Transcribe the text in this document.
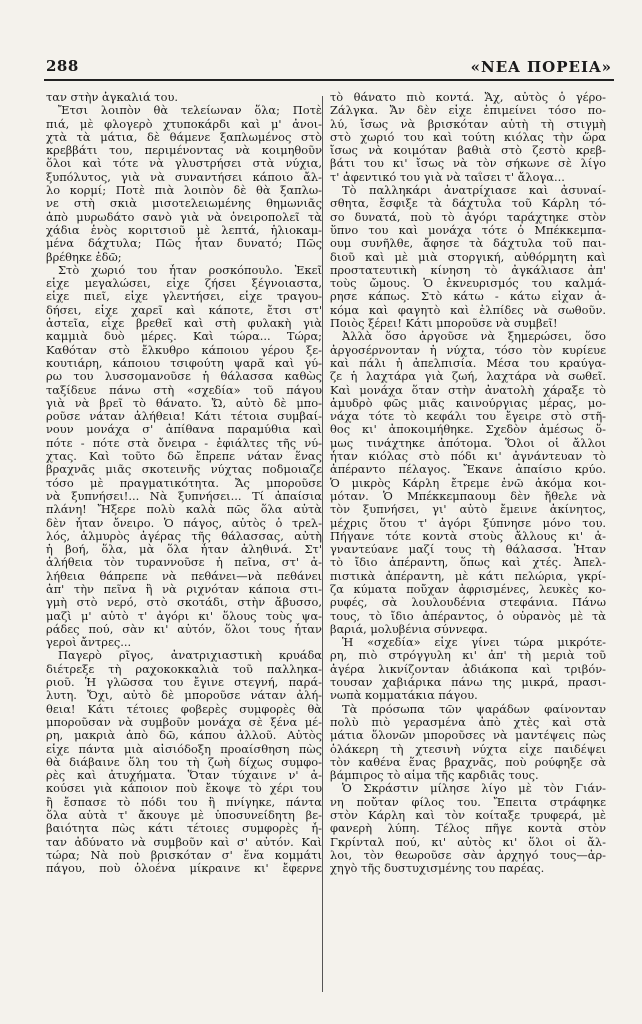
288	«ΝΕΑ ΠΟΡΕΙΑ»
ταν στὴν ἀγκαλιά του.
Ἔτσι λοιπὸν θὰ τελείωναν ὅλα; Ποτὲ
πιά, μὲ φλογερὸ χτυποκάρδι καὶ μ' ἀνοι-
χτὰ τὰ μάτια, δὲ θάμενε ξαπλωμένος στὸ
κρεββάτι του, περιμένοντας νὰ κοιμηθοῦν
ὅλοι καὶ τότε νὰ γλυστρήσει στὰ νύχια,
ξυπόλυτος, γιὰ νὰ συναντήσει κάποιο ἄλ-
λο κορμί; Ποτὲ πιὰ λοιπὸν δὲ θὰ ξαπλω-
νε στὴ σκιὰ μισοτελειωμένης θημωνιᾶς
ἀπὸ μυρωδάτο σανὸ γιὰ νὰ ὀνειροπολεῖ τὰ
χάδια ἑνὸς κοριτσιοῦ μὲ λεπτά, ἡλιοκαμ-
μένα δάχτυλα; Πῶς ἦταν δυνατό; Πῶς
βρέθηκε ἐδῶ;
Στὸ χωριό του ἦταν ροσκόπουλο. Ἐκεῖ
εἶχε μεγαλώσει, εἶχε ζήσει ξέγνοιαστα,
εἶχε πιεῖ, εἶχε γλεντήσει, εἶχε τραγου-
δήσει, εἶχε χαρεῖ καὶ κάποτε, ἔτσι στ'
ἀστεῖα, εἶχε βρεθεῖ καὶ στὴ φυλακὴ γιὰ
καμμιὰ δυὸ μέρες. Καὶ τώρα... Τώρα;
Καθόταν στὸ ἔλκυθρο κάποιου γέρου ξε-
κουτιάρη, κάποιου τσιφούτη ψαρᾶ καὶ γύ-
ρω του λυσσομανοῦσε ἡ θάλασσα καθὼς
ταξίδευε πάνω στὴ «σχεδία» τοῦ πάγου
γιὰ νὰ βρεῖ τὸ θάνατο. Ὤ, αὐτὸ δὲ μπο-
ροῦσε νάταν ἀλήθεια! Κάτι τέτοια συμβαί-
νουν μονάχα σ' ἀπίθανα παραμύθια καὶ
πότε - πότε στὰ ὄνειρα - ἐφιάλτες τῆς νύ-
χτας. Καὶ τοῦτο δῶ ἔπρεπε νάταν ἕνας
βραχνᾶς μιᾶς σκοτεινῆς νύχτας ποδμοιαζε
τόσο μὲ πραγματικότητα. Ἄς μποροῦσε
νὰ ξυπνήσει!... Νὰ ξυπνήσει... Τί ἀπαίσια
πλάνη! Ἤξερε πολὺ καλὰ πῶς ὅλα αὐτὰ
δὲν ἦταν ὄνειρο. Ὁ πάγος, αὐτὸς ὁ τρελ-
λός, ἁλμυρὸς ἀγέρας τῆς θάλασσας, αὐτὴ
ἡ βοή, ὅλα, μὰ ὅλα ἦταν ἀληθινά. Στ'
ἀλήθεια τὸν τυραννοῦσε ἡ πεῖνα, στ' ἀ-
λήθεια θάπρεπε νὰ πεθάνει—νὰ πεθάνει
ἀπ' τὴν πεῖνα ἢ νὰ ριχνόταν κάποια στι-
γμὴ στὸ νερό, στὸ σκοτάδι, στὴν ἄβυσσο,
μαζὶ μ' αὐτὸ τ' ἀγόρι κι' ὅλους τοὺς ψα-
ράδες πού, σὰν κι' αὐτόν, ὅλοι τους ἦταν
γεροὶ ἄντρες...
Παγερὸ ρῖγος, ἀνατριχιαστικὴ κρυάδα
διέτρεξε τὴ ραχοκοκκαλιὰ τοῦ παλληκα-
ριοῦ. Ἡ γλῶσσα του ἔγινε στεγνή, παρά-
λυτη. Ὄχι, αὐτὸ δὲ μποροῦσε νάταν ἀλή-
θεια! Κάτι τέτοιες φοβερὲς συμφορὲς θὰ
μποροῦσαν νὰ συμβοῦν μονάχα σὲ ξένα μέ-
ρη, μακριὰ ἀπὸ δῶ, κάπου ἀλλοῦ. Αὐτὸς
εἶχε πάντα μιὰ αἰσιόδοξη προαίσθηση πὼς
θὰ διάβαινε ὅλη του τὴ ζωὴ δίχως συμφο-
ρὲς καὶ ἀτυχήματα. Ὅταν τύχαινε ν' ἀ-
κούσει γιὰ κάποιον ποὺ ἔκοψε τὸ χέρι του
ἢ ἔσπασε τὸ πόδι του ἢ πνίγηκε, πάντα
ὅλα αὐτὰ τ' ἄκουγε μὲ ὑποσυνείδητη βε-
βαιότητα πὼς κάτι τέτοιες συμφορὲς ἦ-
ταν ἀδύνατο νὰ συμβοῦν καὶ σ' αὐτόν. Καὶ
τώρα; Νὰ ποὺ βρισκόταν σ' ἕνα κομμάτι
πάγου, ποὺ ὁλοένα μίκραινε κι' ἔφερνε
τὸ θάνατο πιὸ κοντά. Ἄχ, αὐτὸς ὁ γέρο-
Ζάλγκα. Ἄν δὲν εἶχε ἐπιμείνει τόσο πο-
λύ, ἴσως νὰ βρισκόταν αὐτὴ τὴ στιγμὴ
στὸ χωριό του καὶ τούτη κιόλας τὴν ὥρα
ἴσως νὰ κοιμόταν βαθιὰ στὸ ζεστὸ κρεβ-
βάτι του κι' ἴσως νὰ τὸν σήκωνε σὲ λίγο
τ' ἀφεντικό του γιὰ νὰ ταΐσει τ' ἄλογα...
Τὸ παλληκάρι ἀνατρίχιασε καὶ ἀσυναί-
σθητα, ἔσφιξε τὰ δάχτυλα τοῦ Κάρλη τό-
σο δυνατά, ποὺ τὸ ἀγόρι ταράχτηκε στὸν
ὕπνο του καὶ μονάχα τότε ὁ Μπέκκεμπα-
ουμ συνῆλθε, ἄφησε τὰ δάχτυλα τοῦ παι-
διοῦ καὶ μὲ μιὰ στοργική, αὐθόρμητη καὶ
προστατευτικὴ κίνηση τὸ ἀγκάλιασε ἀπ'
τοὺς ὤμους. Ὁ ἐκνευρισμός του καλμά-
ρησε κάπως. Στὸ κάτω - κάτω εἶχαν ἀ-
κόμα καὶ φαγητὸ καὶ ἐλπίδες νὰ σωθοῦν.
Ποιὸς ξέρει! Κάτι μποροῦσε νὰ συμβεῖ!
Ἀλλὰ ὅσο ἀργοῦσε νὰ ξημερώσει, ὅσο
ἀργοσέρνονταν ἡ νύχτα, τόσο τὸν κυρίευε
καὶ πάλι ἡ ἀπελπισία. Μέσα του κραύγα-
ζε ἡ λαχτάρα γιὰ ζωή, λαχτάρα νὰ σωθεῖ.
Καὶ μονάχα ὅταν στὴν ἀνατολὴ χάραξε τὸ
ἀμυδρὸ φῶς μιᾶς καινούργιας μέρας, μο-
νάχα τότε τὸ κεφάλι του ἔγειρε στὸ στῆ-
θος κι' ἀποκοιμήθηκε. Σχεδὸν ἀμέσως ὅ-
μως τινάχτηκε ἀπότομα. Ὅλοι οἱ ἄλλοι
ἦταν κιόλας στὸ πόδι κι' ἀγνάντευαν τὸ
ἀπέραντο πέλαγος. Ἔκανε ἀπαίσιο κρύο.
Ὁ μικρὸς Κάρλη ἔτρεμε ἐνῶ ἀκόμα κοι-
μόταν. Ὁ Μπέκκεμπαουμ δὲν ἤθελε νὰ
τὸν ξυπνήσει, γι' αὐτὸ ἔμεινε ἀκίνητος,
μέχρις ὅτου τ' ἀγόρι ξύπνησε μόνο του.
Πήγανε τότε κοντὰ στοὺς ἄλλους κι' ἀ-
γναντεύανε μαζί τους τὴ θάλασσα. Ἦταν
τὸ ἴδιο ἀπέραντη, ὅπως καὶ χτές. Ἀπελ-
πιστικὰ ἀπέραντη, μὲ κάτι πελώρια, γκρί-
ζα κύματα ποὔχαν ἀφρισμένες, λευκὲς κο-
ρυφές, σὰ λουλουδένια στεφάνια. Πάνω
τους, τὸ ἴδιο ἀπέραντος, ὁ οὐρανὸς μὲ τὰ
βαριά, μολυβένια σύννεφα.
Ἡ «σχεδία» εἶχε γίνει τώρα μικρότε-
ρη, πιὸ στρόγγυλη κι' ἀπ' τὴ μεριὰ τοῦ
ἀγέρα λικνίζονταν ἀδιάκοπα καὶ τριβόν-
τουσαν χαβιάρικα πάνω της μικρά, πρασι-
νωπὰ κομματάκια πάγου.
Τὰ πρόσωπα τῶν ψαράδων φαίνονταν
πολὺ πιὸ γερασμένα ἀπὸ χτὲς καὶ στὰ
μάτια ὅλονῶν μποροῦσες νὰ μαντέψεις πὼς
ὁλάκερη τὴ χτεσινὴ νύχτα εἶχε παιδέψει
τὸν καθένα ἕνας βραχνᾶς, ποὺ ρούφηξε σὰ
βάμπιρος τὸ αἷμα τῆς καρδιᾶς τους.
Ὁ Σκράστιν μίλησε λίγο μὲ τὸν Γιάν-
νη ποὔταν φίλος του. Ἔπειτα στράφηκε
στὸν Κάρλη καὶ τὸν κοίταξε τρυφερά, μὲ
φανερὴ λύπη. Τέλος πῆγε κοντὰ στὸν
Γκρίνταλ πού, κι' αὐτὸς κι' ὅλοι οἱ ἄλ-
λοι, τὸν θεωροῦσε σὰν ἀρχηγό τους—ἀρ-
χηγὸ τῆς δυστυχισμένης του παρέας.
